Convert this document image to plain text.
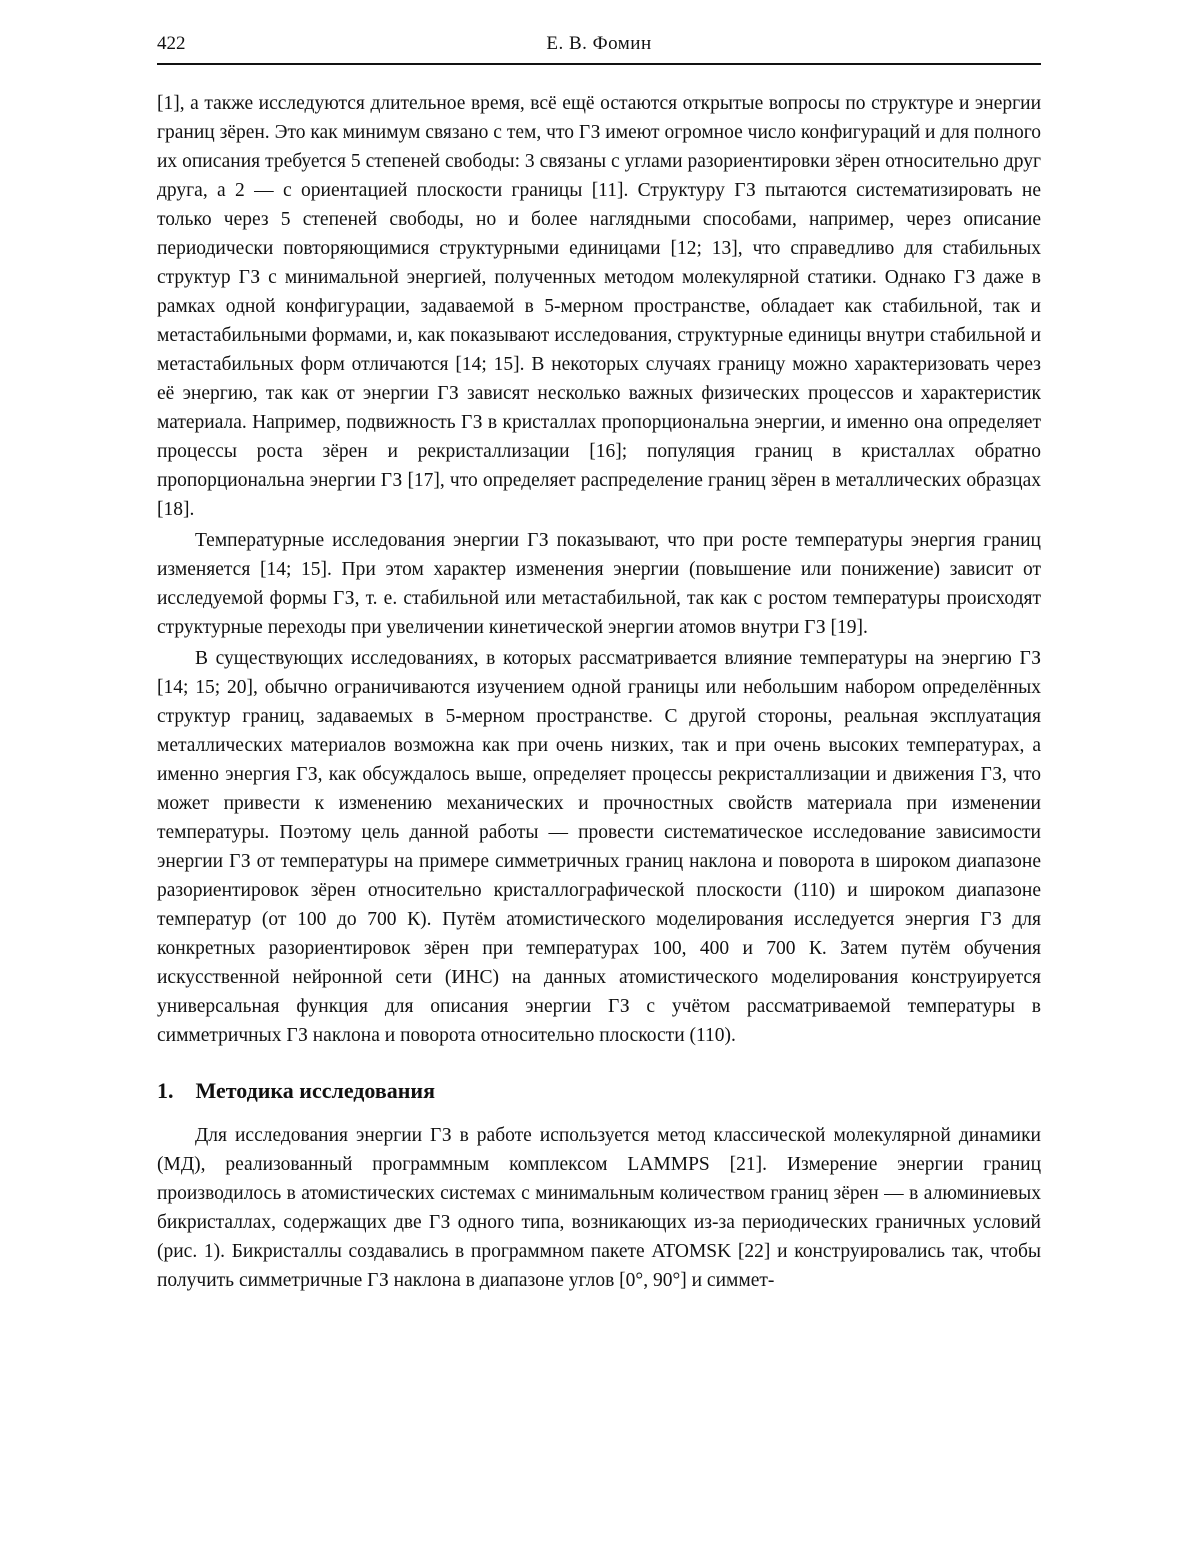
422	Е. В. Фомин

[1], а также исследуются длительное время, всё ещё остаются открытые вопросы по структуре и энергии границ зёрен. Это как минимум связано с тем, что ГЗ имеют огромное число конфигураций и для полного их описания требуется 5 степеней свободы: 3 связаны с углами разориентировки зёрен относительно друг друга, а 2 — с ориентацией плоскости границы [11]. Структуру ГЗ пытаются систематизировать не только через 5 степеней свободы, но и более наглядными способами, например, через описание периодически повторяющимися структурными единицами [12; 13], что справедливо для стабильных структур ГЗ с минимальной энергией, полученных методом молекулярной статики. Однако ГЗ даже в рамках одной конфигурации, задаваемой в 5-мерном пространстве, обладает как стабильной, так и метастабильными формами, и, как показывают исследования, структурные единицы внутри стабильной и метастабильных форм отличаются [14; 15]. В некоторых случаях границу можно характеризовать через её энергию, так как от энергии ГЗ зависят несколько важных физических процессов и характеристик материала. Например, подвижность ГЗ в кристаллах пропорциональна энергии, и именно она определяет процессы роста зёрен и рекристаллизации [16]; популяция границ в кристаллах обратно пропорциональна энергии ГЗ [17], что определяет распределение границ зёрен в металлических образцах [18].

Температурные исследования энергии ГЗ показывают, что при росте температуры энергия границ изменяется [14; 15]. При этом характер изменения энергии (повышение или понижение) зависит от исследуемой формы ГЗ, т. е. стабильной или метастабильной, так как с ростом температуры происходят структурные переходы при увеличении кинетической энергии атомов внутри ГЗ [19].

В существующих исследованиях, в которых рассматривается влияние температуры на энергию ГЗ [14; 15; 20], обычно ограничиваются изучением одной границы или небольшим набором определённых структур границ, задаваемых в 5-мерном пространстве. С другой стороны, реальная эксплуатация металлических материалов возможна как при очень низких, так и при очень высоких температурах, а именно энергия ГЗ, как обсуждалось выше, определяет процессы рекристаллизации и движения ГЗ, что может привести к изменению механических и прочностных свойств материала при изменении температуры. Поэтому цель данной работы — провести систематическое исследование зависимости энергии ГЗ от температуры на примере симметричных границ наклона и поворота в широком диапазоне разориентировок зёрен относительно кристаллографической плоскости (110) и широком диапазоне температур (от 100 до 700 К). Путём атомистического моделирования исследуется энергия ГЗ для конкретных разориентировок зёрен при температурах 100, 400 и 700 К. Затем путём обучения искусственной нейронной сети (ИНС) на данных атомистического моделирования конструируется универсальная функция для описания энергии ГЗ с учётом рассматриваемой температуры в симметричных ГЗ наклона и поворота относительно плоскости (110).

1. Методика исследования

Для исследования энергии ГЗ в работе используется метод классической молекулярной динамики (МД), реализованный программным комплексом LAMMPS [21]. Измерение энергии границ производилось в атомистических системах с минимальным количеством границ зёрен — в алюминиевых бикристаллах, содержащих две ГЗ одного типа, возникающих из-за периодических граничных условий (рис. 1). Бикристаллы создавались в программном пакете ATOMSK [22] и конструировались так, чтобы получить симметричные ГЗ наклона в диапазоне углов [0°, 90°] и симмет-
